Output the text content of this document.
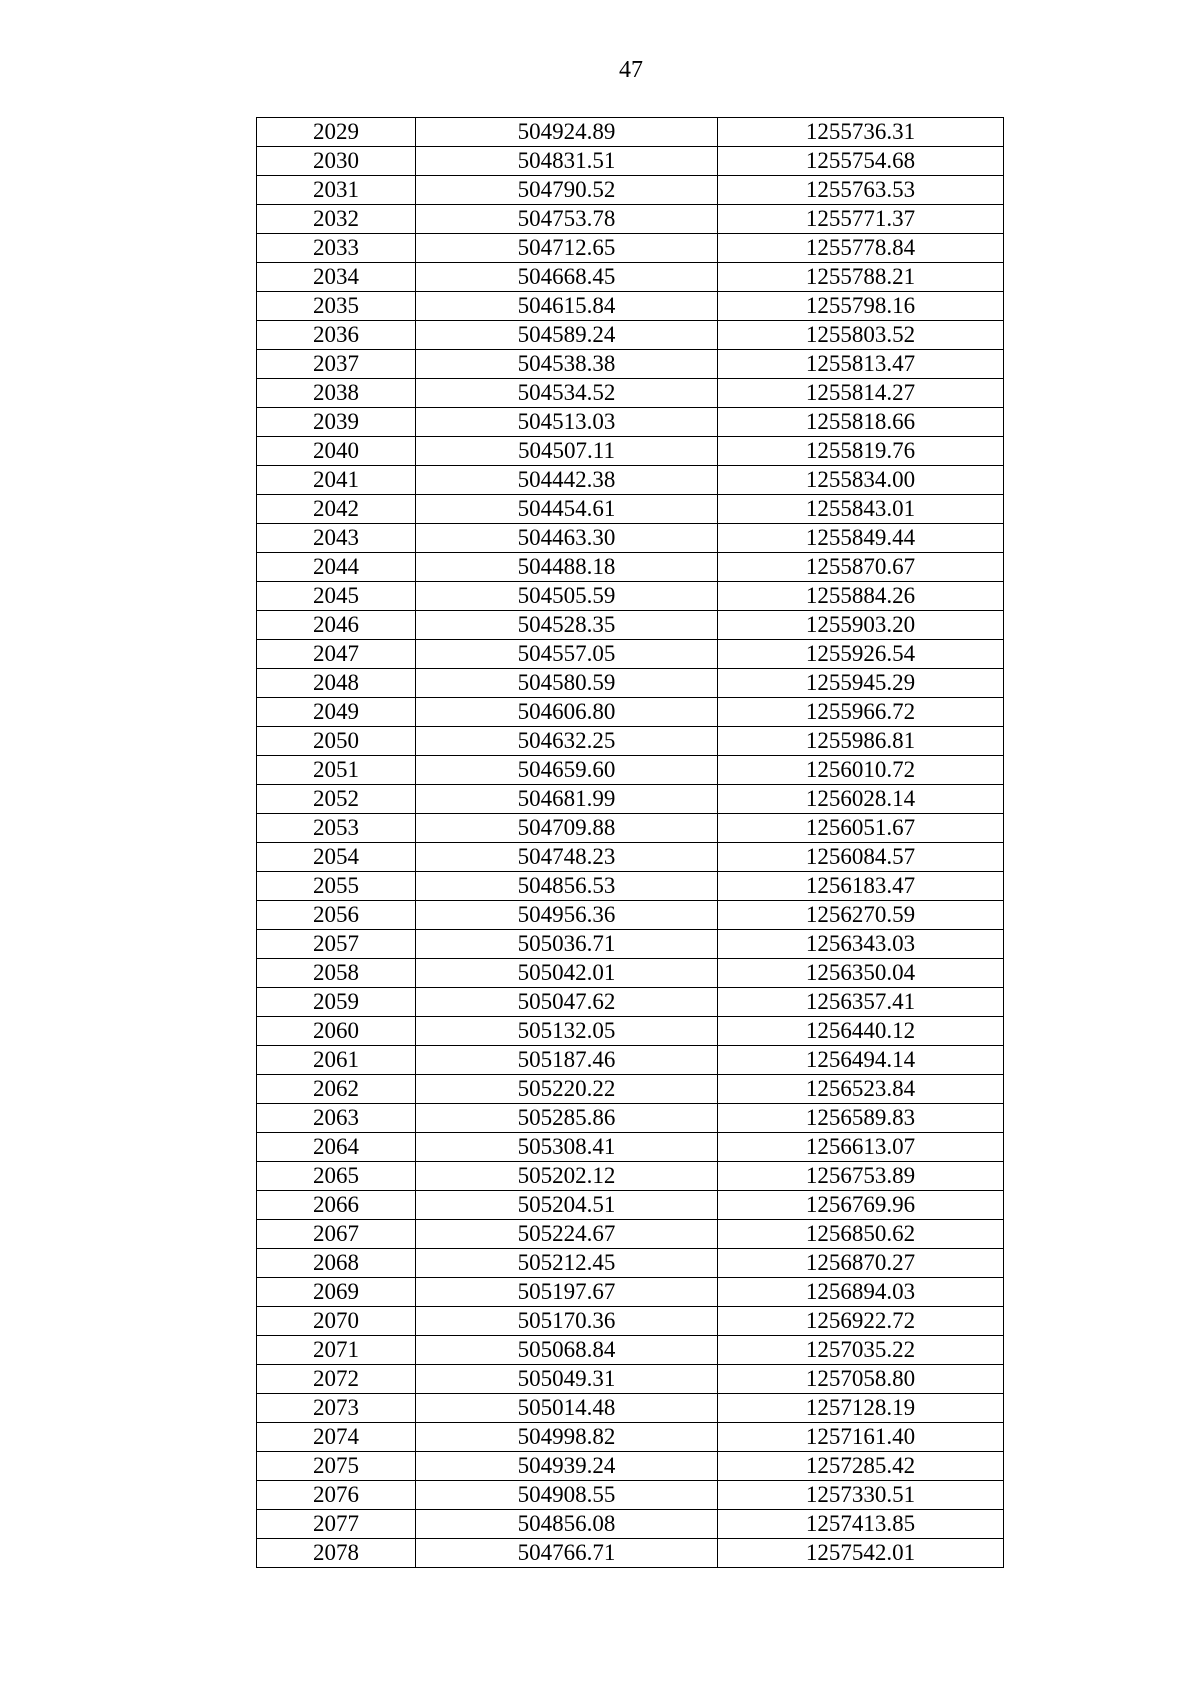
47
2029	504924.89	1255736.31
2030	504831.51	1255754.68
2031	504790.52	1255763.53
2032	504753.78	1255771.37
2033	504712.65	1255778.84
2034	504668.45	1255788.21
2035	504615.84	1255798.16
2036	504589.24	1255803.52
2037	504538.38	1255813.47
2038	504534.52	1255814.27
2039	504513.03	1255818.66
2040	504507.11	1255819.76
2041	504442.38	1255834.00
2042	504454.61	1255843.01
2043	504463.30	1255849.44
2044	504488.18	1255870.67
2045	504505.59	1255884.26
2046	504528.35	1255903.20
2047	504557.05	1255926.54
2048	504580.59	1255945.29
2049	504606.80	1255966.72
2050	504632.25	1255986.81
2051	504659.60	1256010.72
2052	504681.99	1256028.14
2053	504709.88	1256051.67
2054	504748.23	1256084.57
2055	504856.53	1256183.47
2056	504956.36	1256270.59
2057	505036.71	1256343.03
2058	505042.01	1256350.04
2059	505047.62	1256357.41
2060	505132.05	1256440.12
2061	505187.46	1256494.14
2062	505220.22	1256523.84
2063	505285.86	1256589.83
2064	505308.41	1256613.07
2065	505202.12	1256753.89
2066	505204.51	1256769.96
2067	505224.67	1256850.62
2068	505212.45	1256870.27
2069	505197.67	1256894.03
2070	505170.36	1256922.72
2071	505068.84	1257035.22
2072	505049.31	1257058.80
2073	505014.48	1257128.19
2074	504998.82	1257161.40
2075	504939.24	1257285.42
2076	504908.55	1257330.51
2077	504856.08	1257413.85
2078	504766.71	1257542.01
